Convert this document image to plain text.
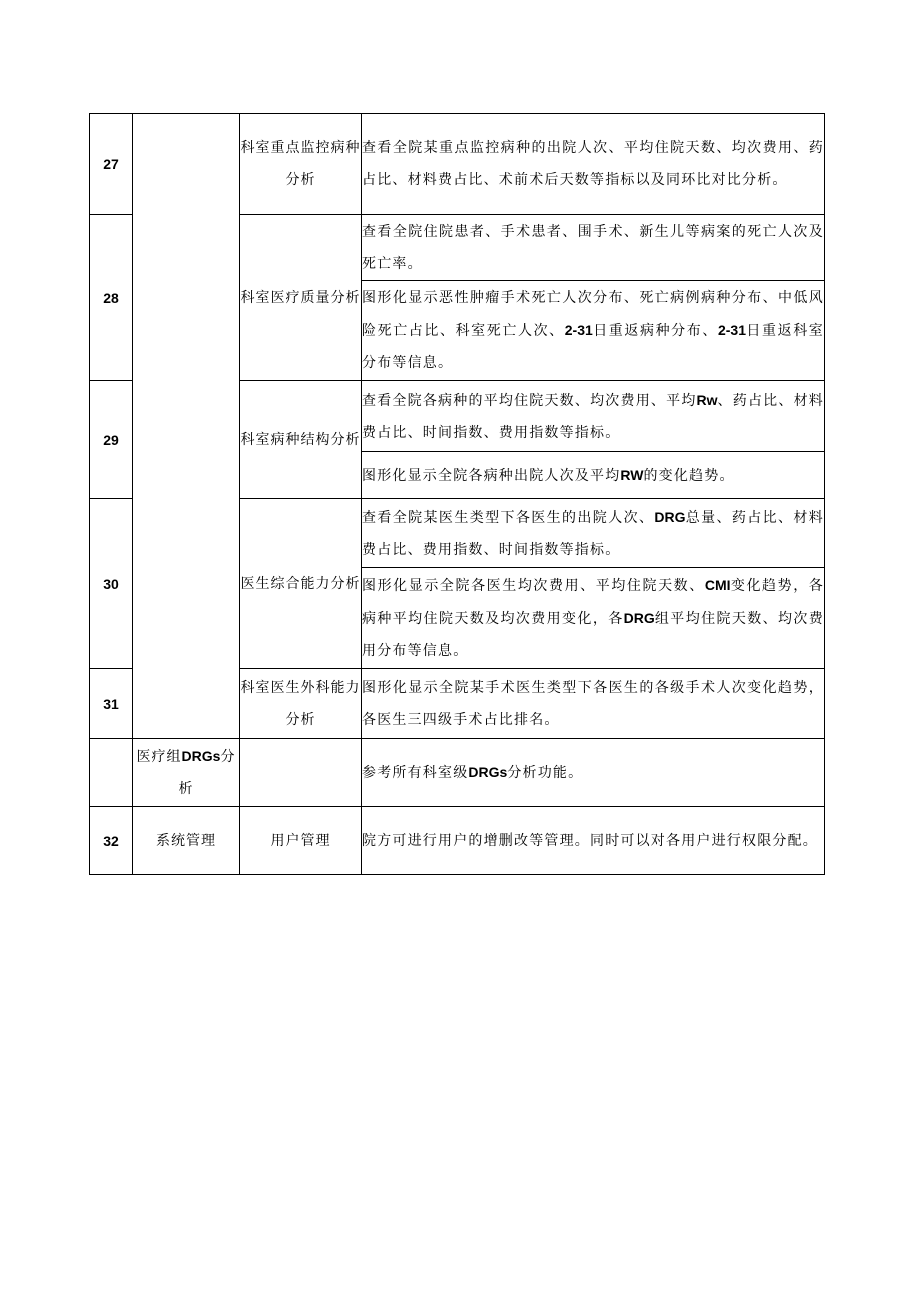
27		科室重点监控病种分析	查看全院某重点监控病种的出院人次、平均住院天数、均次费用、药占比、材料费占比、术前术后天数等指标以及同环比对比分析。
28		科室医疗质量分析	查看全院住院患者、手术患者、围手术、新生儿等病案的死亡人次及死亡率。
			图形化显示恶性肿瘤手术死亡人次分布、死亡病例病种分布、中低风险死亡占比、科室死亡人次、2-31日重返病种分布、2-31日重返科室分布等信息。
29		科室病种结构分析	查看全院各病种的平均住院天数、均次费用、平均Rw、药占比、材料费占比、时间指数、费用指数等指标。
			图形化显示全院各病种出院人次及平均RW的变化趋势。
30		医生综合能力分析	查看全院某医生类型下各医生的出院人次、DRG总量、药占比、材料费占比、费用指数、时间指数等指标。
			图形化显示全院各医生均次费用、平均住院天数、CMI变化趋势，各病种平均住院天数及均次费用变化，各DRG组平均住院天数、均次费用分布等信息。
31		科室医生外科能力分析	图形化显示全院某手术医生类型下各医生的各级手术人次变化趋势，各医生三四级手术占比排名。
	医疗组DRGs分析		参考所有科室级DRGs分析功能。
32	系统管理	用户管理	院方可进行用户的增删改等管理。同时可以对各用户进行权限分配。
